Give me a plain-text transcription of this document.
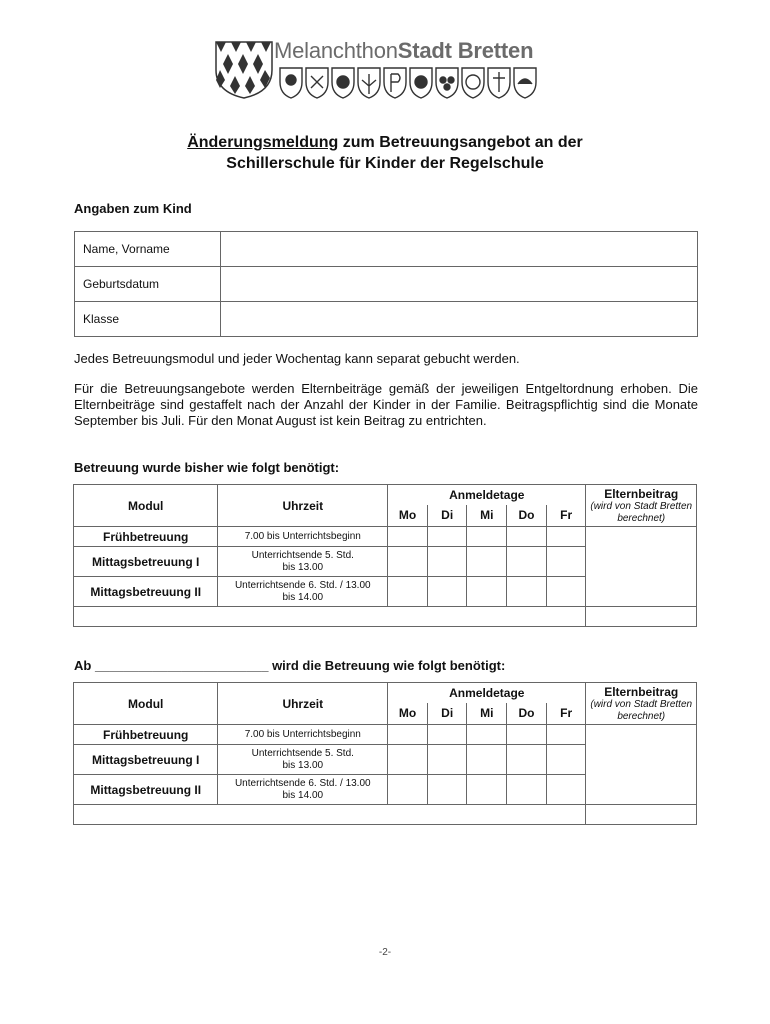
MelanchthonStadt Bretten
Änderungsmeldung zum Betreuungsangebot an der
Schillerschule für Kinder der Regelschule
Angaben zum Kind
Name, Vorname	
Geburtsdatum	
Klasse	
Jedes Betreuungsmodul und jeder Wochentag kann separat gebucht werden.
Für die Betreuungsangebote werden Elternbeiträge gemäß der jeweiligen Entgeltordnung erhoben. Die Elternbeiträge sind gestaffelt nach der Anzahl der Kinder in der Familie. Beitragspflichtig sind die Monate September bis Juli. Für den Monat August ist kein Beitrag zu entrichten.
Betreuung wurde bisher wie folgt benötigt:
Modul	Uhrzeit	Anmeldetage					Elternbeitrag
(wird von Stadt Bretten berechnet)

		Mo	Di	Mi	Do	Fr	
Frühbetreuung	7.00 bis Unterrichtsbeginn						
Mittagsbetreuung I	Unterrichtsende 5. Std.
bis 13.00						
Mittagsbetreuung II	Unterrichtsende 6. Std. / 13.00
bis 14.00						

Ab ________________________ wird die Betreuung wie folgt benötigt:
Modul	Uhrzeit	Anmeldetage					Elternbeitrag
(wird von Stadt Bretten berechnet)

		Mo	Di	Mi	Do	Fr	
Frühbetreuung	7.00 bis Unterrichtsbeginn						
Mittagsbetreuung I	Unterrichtsende 5. Std.
bis 13.00						
Mittagsbetreuung II	Unterrichtsende 6. Std. / 13.00
bis 14.00						

-2-
